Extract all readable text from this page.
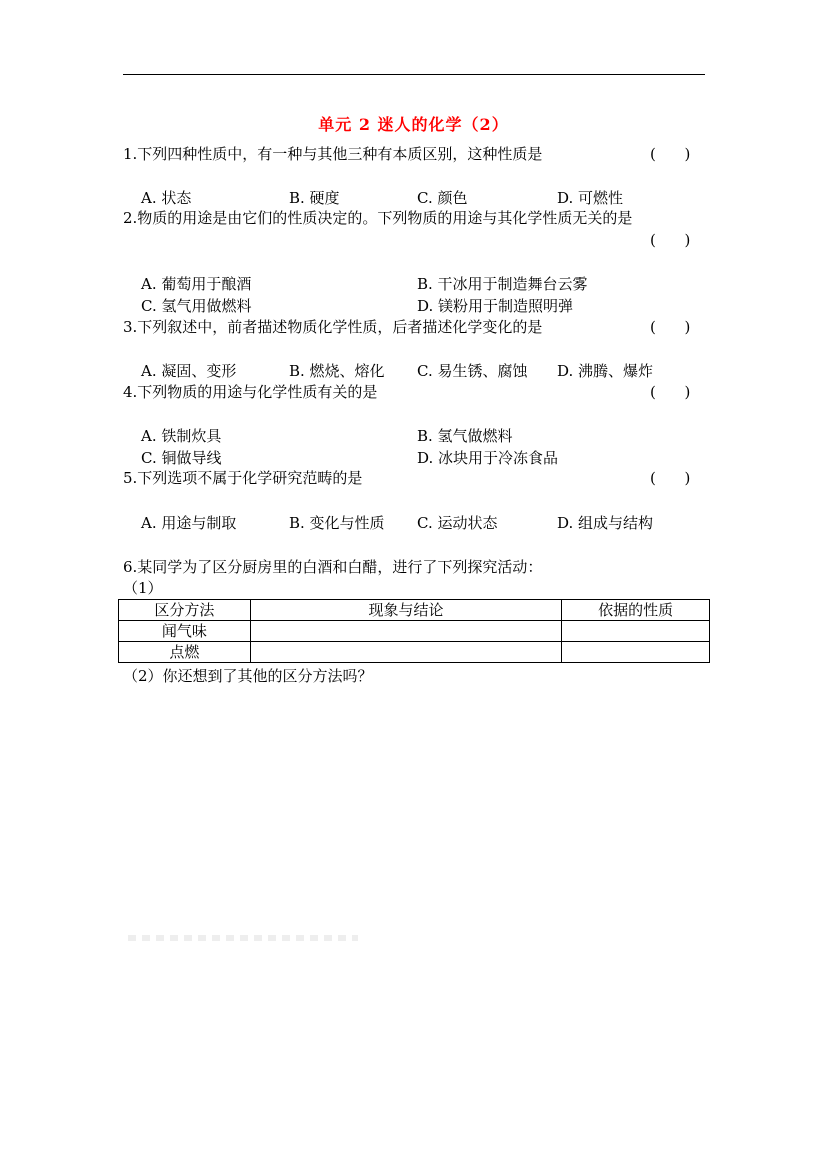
单元 2 迷人的化学（2）
1.下列四种性质中，有一种与其他三种有本质区别，这种性质是	(      )
A. 状态	B. 硬度	C. 颜色	D. 可燃性
2.物质的用途是由它们的性质决定的。下列物质的用途与其化学性质无关的是
(      )
A. 葡萄用于酿酒	B. 干冰用于制造舞台云雾
C. 氢气用做燃料	D. 镁粉用于制造照明弹
3.下列叙述中，前者描述物质化学性质，后者描述化学变化的是	(      )
A. 凝固、变形	B. 燃烧、熔化 C. 易生锈、腐蚀 D. 沸腾、爆炸
4.下列物质的用途与化学性质有关的是	(      )
A. 铁制炊具	B. 氢气做燃料
C. 铜做导线	D. 冰块用于冷冻食品
5.下列选项不属于化学研究范畴的是	(      )
A. 用途与制取	B. 变化与性质 C. 运动状态	D. 组成与结构
6.某同学为了区分厨房里的白酒和白醋，进行了下列探究活动：
（1）
区分方法	现象与结论	依据的性质
闻气味		
点燃		
（2）你还想到了其他的区分方法吗？
